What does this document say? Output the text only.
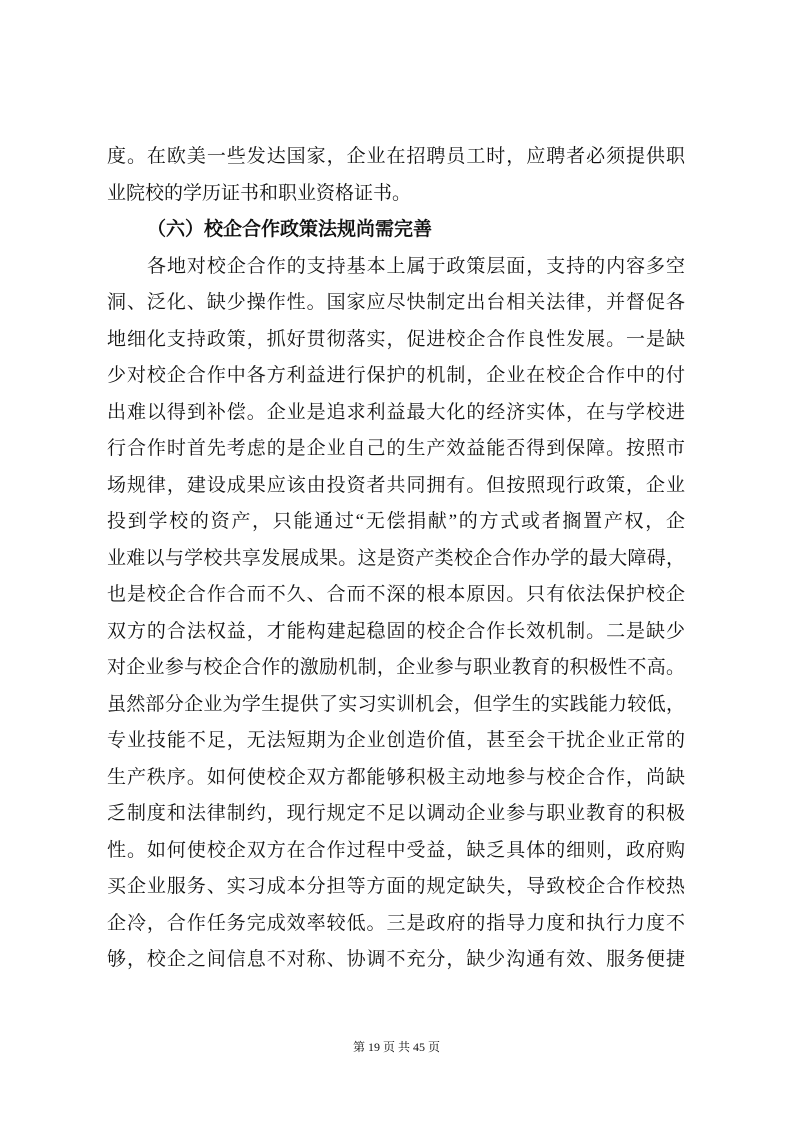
度。在欧美一些发达国家，企业在招聘员工时，应聘者必须提供职
业院校的学历证书和职业资格证书。
（六）校企合作政策法规尚需完善
各地对校企合作的支持基本上属于政策层面，支持的内容多空
洞、泛化、缺少操作性。国家应尽快制定出台相关法律，并督促各
地细化支持政策，抓好贯彻落实，促进校企合作良性发展。一是缺
少对校企合作中各方利益进行保护的机制，企业在校企合作中的付
出难以得到补偿。企业是追求利益最大化的经济实体，在与学校进
行合作时首先考虑的是企业自己的生产效益能否得到保障。按照市
场规律，建设成果应该由投资者共同拥有。但按照现行政策，企业
投到学校的资产，只能通过“无偿捐献”的方式或者搁置产权，企
业难以与学校共享发展成果。这是资产类校企合作办学的最大障碍，
也是校企合作合而不久、合而不深的根本原因。只有依法保护校企
双方的合法权益，才能构建起稳固的校企合作长效机制。二是缺少
对企业参与校企合作的激励机制，企业参与职业教育的积极性不高。
虽然部分企业为学生提供了实习实训机会，但学生的实践能力较低，
专业技能不足，无法短期为企业创造价值，甚至会干扰企业正常的
生产秩序。如何使校企双方都能够积极主动地参与校企合作，尚缺
乏制度和法律制约，现行规定不足以调动企业参与职业教育的积极
性。如何使校企双方在合作过程中受益，缺乏具体的细则，政府购
买企业服务、实习成本分担等方面的规定缺失，导致校企合作校热
企冷，合作任务完成效率较低。三是政府的指导力度和执行力度不
够，校企之间信息不对称、协调不充分，缺少沟通有效、服务便捷
第 19 页 共 45 页
